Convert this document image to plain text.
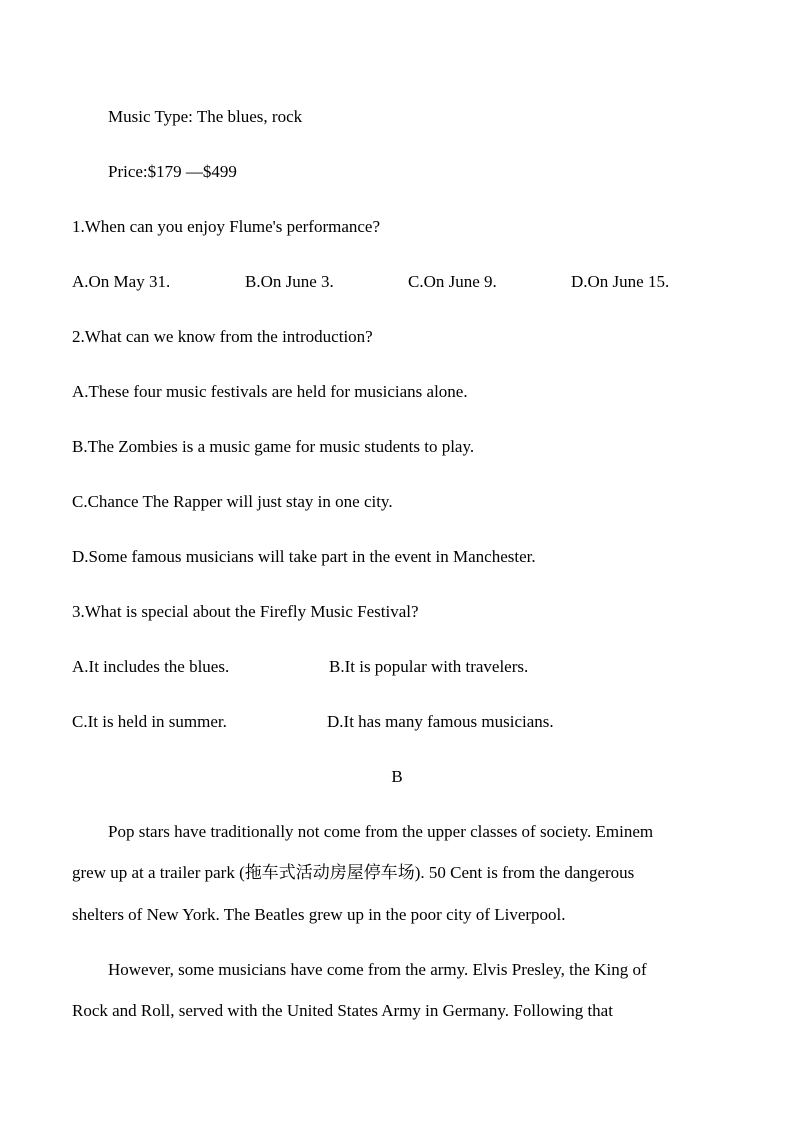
Music Type: The blues, rock
Price:$179 —$499
1.When can you enjoy Flume's performance?
A.On May 31.	B.On June 3.	C.On June 9.	D.On June 15.
2.What can we know from the introduction?
A.These four music festivals are held for musicians alone.
B.The Zombies is a music game for music students to play.
C.Chance The Rapper will just stay in one city.
D.Some famous musicians will take part in the event in Manchester.
3.What is special about the Firefly Music Festival?
A.It includes the blues.	B.It is popular with travelers.
C.It is held in summer.	D.It has many famous musicians.
B
Pop stars have traditionally not come from the upper classes of society. Eminem
grew up at a trailer park (拖车式活动房屋停车场). 50 Cent is from the dangerous
shelters of New York. The Beatles grew up in the poor city of Liverpool.
However, some musicians have come from the army. Elvis Presley, the King of
Rock and Roll, served with the United States Army in Germany. Following that
